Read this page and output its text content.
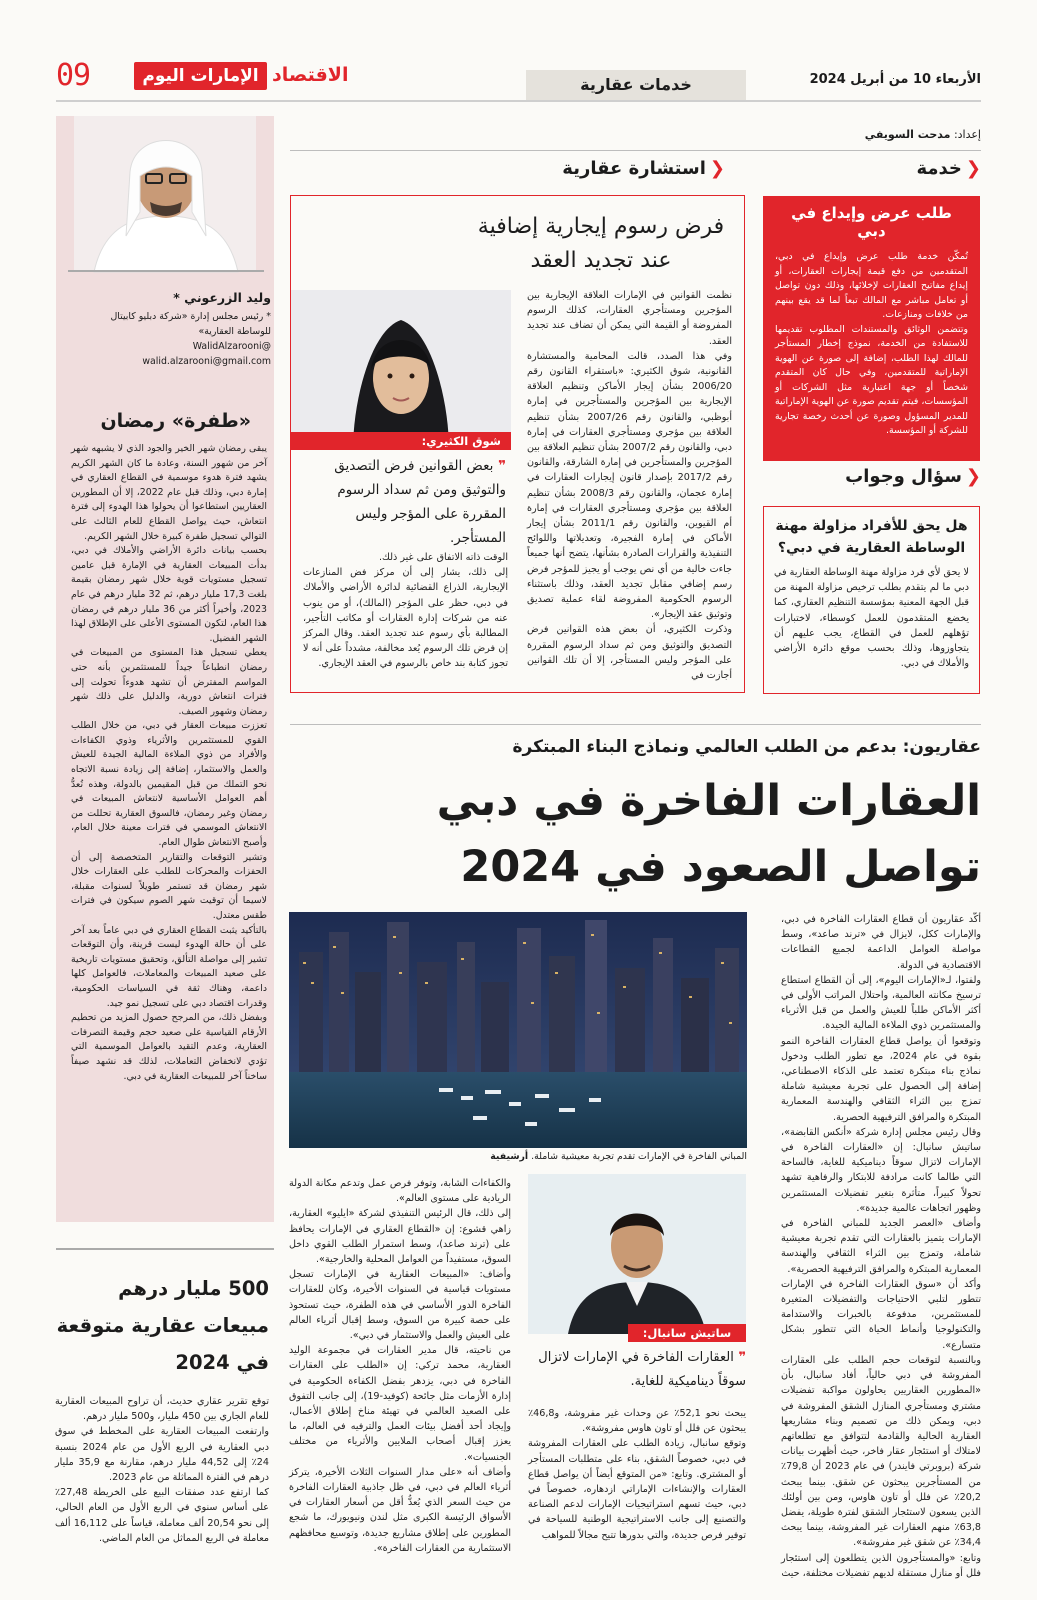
الأربعاء 10 من أبريل 2024
خدمات عقارية
الاقتصاد
الإمارات اليوم
09
إعداد: مدحت السويفي
❮خدمة
طلب عرض وإيداع في دبي

تُمكّن خدمة طلب عرض وإيداع في دبي، المتقدمين من دفع قيمة إيجارات العقارات، أو إيداع مفاتيح العقارات لإخلائها، وذلك دون تواصل أو تعامل مباشر مع المالك تبعاً لما قد يقع بينهم من خلافات ومنازعات.
وتتضمن الوثائق والمستندات المطلوب تقديمها للاستفادة من الخدمة، نموذج إخطار المستأجر للمالك لهذا الطلب، إضافة إلى صورة عن الهوية الإماراتية للمتقدمين، وفي حال كان المتقدم شخصاً أو جهة اعتبارية مثل الشركات أو المؤسسات، فيتم تقديم صورة عن الهوية الإماراتية للمدير المسؤول وصورة عن أحدث رخصة تجارية للشركة أو المؤسسة.

❮سؤال وجواب
هل يحق للأفراد مزاولة مهنة الوساطة العقارية في دبي؟

لا يحق لأي فرد مزاولة مهنة الوساطة العقارية في دبي ما لم يتقدم بطلب ترخيص مزاولة المهنة من قبل الجهة المعنية بمؤسسة التنظيم العقاري، كما يخضع المتقدمون للعمل كوسطاء، لاختبارات تؤهلهم للعمل في القطاع، يجب عليهم أن يتجاوزوها، وذلك بحسب موقع دائرة الأراضي والأملاك في دبي.

❮استشارة عقارية
فرض رسوم إيجارية إضافية عند تجديد العقد
نظمت القوانين في الإمارات العلاقة الإيجارية بين المؤجرين ومستأجري العقارات، كذلك الرسوم المفروضة أو القيمة التي يمكن أن تضاف عند تجديد العقد.
وفي هذا الصدد، قالت المحامية والمستشارة القانونية، شوق الكثيري: «باستقراء القانون رقم 2006/20 بشأن إيجار الأماكن وتنظيم العلاقة الإيجارية بين المؤجرين والمستأجرين في إمارة أبوظبي، والقانون رقم 2007/26 بشأن تنظيم العلاقة بين مؤجري ومستأجري العقارات في إمارة دبي، والقانون رقم 2007/2 بشأن تنظيم العلاقة بين المؤجرين والمستأجرين في إمارة الشارقة، والقانون رقم 2017/2 بإصدار قانون إيجارات العقارات في إمارة عجمان، والقانون رقم 2008/3 بشأن تنظيم العلاقة بين مؤجري ومستأجري العقارات في إمارة أم القيوين، والقانون رقم 2011/1 بشأن إيجار الأماكن في إمارة الفجيرة، وتعديلاتها واللوائح التنفيذية والقرارات الصادرة بشأنها، يتضح أنها جميعاً جاءت خالية من أي نص يوجب أو يجيز للمؤجر فرض رسم إضافي مقابل تجديد العقد، وذلك باستثناء الرسوم الحكومية المفروضة لقاء عملية تصديق وتوثيق عقد الإيجار».
وذكرت الكثيري، أن بعض هذه القوانين فرض التصديق والتوثيق ومن ثم سداد الرسوم المقررة على المؤجر وليس المستأجر، إلا أن تلك القوانين أجازت في
شوق الكثيري:
❞ بعض القوانين فرض التصديق والتوثيق ومن ثم سداد الرسوم المقررة على المؤجر وليس المستأجر.
الوقت ذاته الاتفاق على غير ذلك.
إلى ذلك، يشار إلى أن مركز فض المنازعات الإيجارية، الذراع القضائية لدائرة الأراضي والأملاك في دبي، حظر على المؤجر (المالك)، أو من ينوب عنه من شركات إدارة العقارات أو مكاتب التأجير، المطالبة بأي رسوم عند تجديد العقد. وقال المركز إن فرض تلك الرسوم يُعد مخالفة، مشدداً على أنه لا تجوز كتابة بند خاص بالرسوم في العقد الإيجاري.
وليد الزرعوني *
* رئيس مجلس إدارة «شركة دبليو كابيتال للوساطة العقارية»
@WalidAlzarooni
walid.alzarooni@gmail.com
«طفرة» رمضان
يبقى رمضان شهر الخير والجود الذي لا يشبهه شهر آخر من شهور السنة، وعادة ما كان الشهر الكريم يشهد فترة هدوء موسمية في القطاع العقاري في إمارة دبي، وذلك قبل عام 2022، إلا أن المطورين العقاريين استطاعوا أن يحولوا هذا الهدوء إلى فترة انتعاش، حيث يواصل القطاع للعام الثالث على التوالي تسجيل طفرة كبيرة خلال الشهر الكريم.
بحسب بيانات دائرة الأراضي والأملاك في دبي، بدأت المبيعات العقارية في الإمارة قبل عامين تسجيل مستويات قوية خلال شهر رمضان بقيمة بلغت 17,3 مليار درهم، ثم 32 مليار درهم في عام 2023، وأخيراً أكثر من 36 مليار درهم في رمضان هذا العام، لتكون المستوى الأعلى على الإطلاق لهذا الشهر الفضيل.
يعطي تسجيل هذا المستوى من المبيعات في رمضان انطباعاً جيداً للمستثمرين بأنه حتى المواسم المفترض أن تشهد هدوءاً تحولت إلى فترات انتعاش دورية، والدليل على ذلك شهر رمضان وشهور الصيف.
تعززت مبيعات العقار في دبي، من خلال الطلب القوي للمستثمرين والأثرياء وذوي الكفاءات والأفراد من ذوي الملاءة المالية الجيدة للعيش والعمل والاستثمار، إضافة إلى زيادة نسبة الاتجاه نحو التملك من قبل المقيمين بالدولة، وهذه تُعدُّ أهم العوامل الأساسية لانتعاش المبيعات في رمضان وغير رمضان، فالسوق العقارية تحللت من الانتعاش الموسمي في فترات معينة خلال العام، وأصبح الانتعاش طوال العام.
وتشير التوقعات والتقارير المتخصصة إلى أن الحفزات والمحركات للطلب على العقارات خلال شهر رمضان قد تستمر طويلاً لسنوات مقبلة، لاسيما أن توقيت شهر الصوم سيكون في فترات طقس معتدل.
بالتأكيد يثبت القطاع العقاري في دبي عاماً بعد آخر على أن حالة الهدوء ليست قرينة، وأن التوقعات تشير إلى مواصلة التألق، وتحقيق مستويات تاريخية على صعيد المبيعات والمعاملات، فالعوامل كلها داعمة، وهناك ثقة في السياسات الحكومية، وقدرات اقتصاد دبي على تسجيل نمو جيد.
وبفضل ذلك، من المرجح حصول المزيد من تحطيم الأرقام القياسية على صعيد حجم وقيمة التصرفات العقارية، وعدم التقيد بالعوامل الموسمية التي تؤدي لانخفاض التعاملات، لذلك قد نشهد صيفاً ساخناً آخر للمبيعات العقارية في دبي.
عقاريون: بدعم من الطلب العالمي ونماذج البناء المبتكرة
العقارات الفاخرة في دبي تواصل الصعود في 2024
المباني الفاخرة في الإمارات تقدم تجربة معيشية شاملة. أرشيفية
أكّد عقاريون أن قطاع العقارات الفاخرة في دبي، والإمارات ككل، لايزال في «ترند صاعد»، وسط مواصلة العوامل الداعمة لجميع القطاعات الاقتصادية في الدولة.
ولفتوا، لـ«الإمارات اليوم»، إلى أن القطاع استطاع ترسيخ مكانته العالمية، واحتلال المراتب الأولى في أكثر الأماكن طلباً للعيش والعمل من قبل الأثرياء والمستثمرين ذوي الملاءة المالية الجيدة.
وتوقعوا أن يواصل قطاع العقارات الفاخرة النمو بقوة في عام 2024، مع تطور الطلب ودخول نماذج بناء مبتكرة تعتمد على الذكاء الاصطناعي، إضافة إلى الحصول على تجربة معيشية شاملة تمزج بين الثراء الثقافي والهندسة المعمارية المبتكرة والمرافق الترفيهية الحصرية.
وقال رئيس مجلس إدارة شركة «أنكس القابضة»، ساتيش سانبال: إن «العقارات الفاخرة في الإمارات لاتزال سوقاً ديناميكية للغاية، فالساحة التي طالما كانت مرادفة للابتكار والرفاهية تشهد تحولاً كبيراً، متأثرة بتغير تفضيلات المستثمرين وظهور اتجاهات عالمية جديدة».
وأضاف «العصر الجديد للمباني الفاخرة في الإمارات يتميز بالعقارات التي تقدم تجربة معيشية شاملة، وتمزج بين الثراء الثقافي والهندسة المعمارية المبتكرة والمرافق الترفيهية الحصرية».
وأكد أن «سوق العقارات الفاخرة في الإمارات تتطور لتلبي الاحتياجات والتفضيلات المتغيرة للمستثمرين، مدفوعة بالخبرات والاستدامة والتكنولوجيا وأنماط الحياة التي تتطور بشكل متسارع».
وبالنسبة لتوقعات حجم الطلب على العقارات المفروشة في دبي حالياً، أفاد سانبال، بأن «المطورين العقاريين يحاولون مواكبة تفضيلات مشتري ومستأجري المنازل الشقق المفروشة في دبي، ويمكن ذلك من تصميم وبناء مشاريعها العقارية الحالية والقادمة لتتوافق مع تطلعاتهم لامتلاك أو استئجار عقار فاخر، حيث أظهرت بيانات شركة (بروبرتي فايندر) في عام 2023 أن 79,8٪ من المستأجرين يبحثون عن شقق. بينما يبحث 20,2٪ عن فلل أو تاون هاوس، ومن بين أولئك الذين يسعون لاستئجار الشقق لفترة طويلة، يفضل 63,8٪ منهم العقارات غير المفروشة، بينما يبحث 34,4٪ عن شقق غير مفروشة».
وتابع: «والمستأجرون الذين يتطلعون إلى استئجار فلل أو منازل مستقلة لديهم تفضيلات مختلفة، حيث
ساتيش سانبال:
❞ العقارات الفاخرة في الإمارات لاتزال سوقاً ديناميكية للغاية.
يبحث نحو 52,1٪ عن وحدات غير مفروشة، و46,8٪ يبحثون عن فلل أو تاون هاوس مفروشة».
وتوقع سانبال، زيادة الطلب على العقارات المفروشة في دبي، خصوصاً الشقق، بناء على متطلبات المستأجر أو المشتري. وتابع: «من المتوقع أيضاً أن يواصل قطاع العقارات والإنشاءات الإماراتي ازدهاره، خصوصاً في دبي، حيث تسهم استراتيجيات الإمارات لدعم الصناعة والتصنيع إلى جانب الاستراتيجية الوطنية للسياحة في توفير فرص جديدة، والتي بدورها تتيح مجالاً للمواهب
والكفاءات الشابة، وتوفر فرص عمل وتدعم مكانة الدولة الريادية على مستوى العالم».
إلى ذلك، قال الرئيس التنفيذي لشركة «ايليو» العقارية، زاهي قشوع: إن «القطاع العقاري في الإمارات يحافظ على (ترند صاعد)، وسط استمرار الطلب القوي داخل السوق، مستفيداً من العوامل المحلية والخارجية».
وأضاف: «المبيعات العقارية في الإمارات تسجل مستويات قياسية في السنوات الأخيرة، وكان للعقارات الفاخرة الدور الأساسي في هذه الطفرة، حيث تستحوذ على حصة كبيرة من السوق، وسط إقبال أثرياء العالم على العيش والعمل والاستثمار في دبي».
من ناحيته، قال مدير العقارات في مجموعة الوليد العقارية، محمد تركي: إن «الطلب على العقارات الفاخرة في دبي، يزدهر بفضل الكفاءة الحكومية في إدارة الأزمات مثل جائحة (كوفيد-19)، إلى جانب التفوق على الصعيد العالمي في تهيئة مناخ إطلاق الأعمال، وإيجاد أحد أفضل بيئات العمل والترفيه في العالم، ما يعزز إقبال أصحاب الملايين والأثرياء من مختلف الجنسيات».
وأضاف أنه «على مدار السنوات الثلاث الأخيرة، يتركز أثرياء العالم في دبي، في ظل جاذبية العقارات الفاخرة من حيث السعر الذي يُعدُّ أقل من أسعار العقارات في الأسواق الرئيسة الكبرى مثل لندن ونيويورك، ما شجع المطورين على إطلاق مشاريع جديدة، وتوسيع محافظهم الاستثمارية من العقارات الفاخرة».
500 مليار درهم مبيعات عقارية متوقعة في 2024
توقع تقرير عقاري حديث، أن تراوح المبيعات العقارية للعام الجاري بين 450 مليار، و500 مليار درهم.
وارتفعت المبيعات العقارية على المخطط في سوق دبي العقارية في الربع الأول من عام 2024 بنسبة 24٪ إلى 44,52 مليار درهم، مقارنة مع 35,9 مليار درهم في الفترة المماثلة من عام 2023.
كما ارتفع عدد صفقات البيع على الخريطة 27,48٪ على أساس سنوي في الربع الأول من العام الحالي، إلى نحو 20,54 ألف معاملة، قياساً على 16,112 ألف معاملة في الربع المماثل من العام الماضي.
